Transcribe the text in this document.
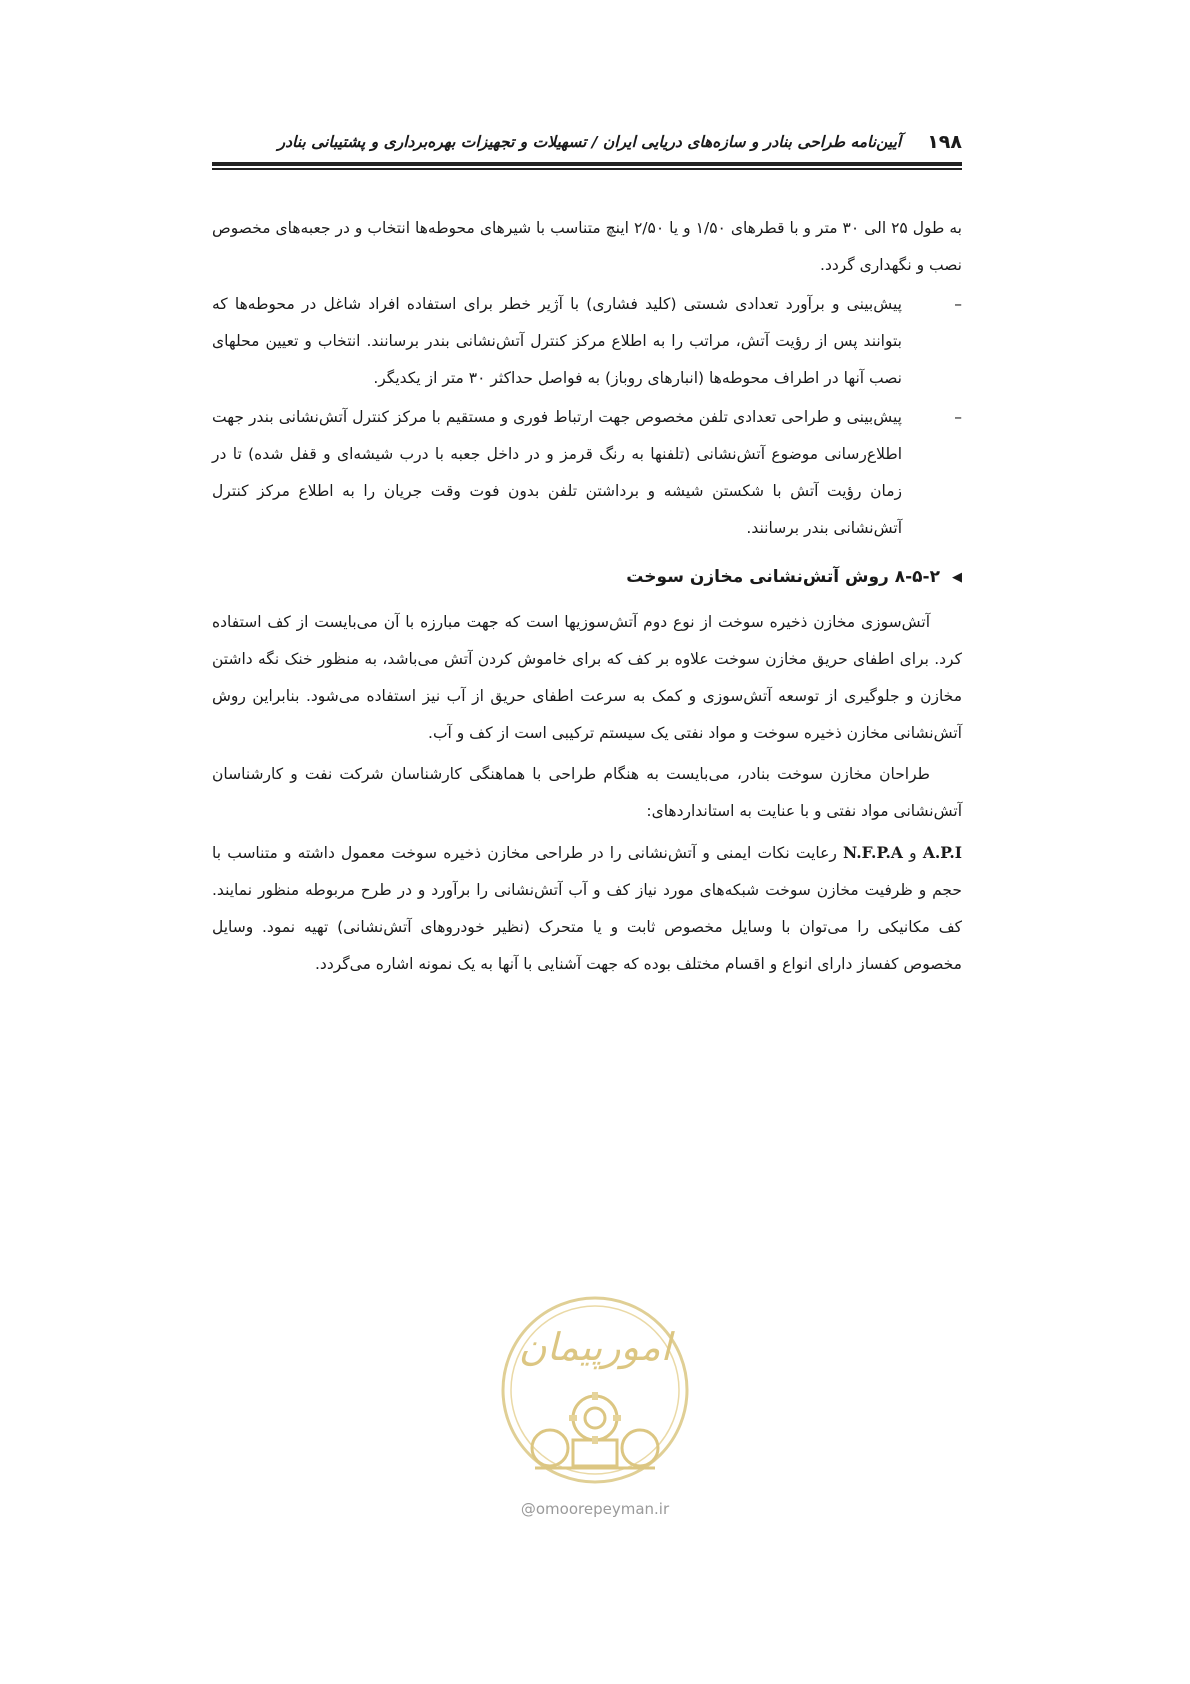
۱۹۸
آیین‌نامه طراحی بنادر و سازه‌های دریایی ایران / تسهیلات و تجهیزات بهره‌برداری و پشتیبانی بنادر

به طول ۲۵ الی ۳۰ متر و با قطرهای ۱/۵۰ و یا ۲/۵۰ اینچ متناسب با شیرهای محوطه‌ها انتخاب و در جعبه‌های مخصوص نصب و نگهداری گردد.

–
پیش‌بینی و برآورد تعدادی شستی (کلید فشاری) با آژیر خطر برای استفاده افراد شاغل در محوطه‌ها که بتوانند پس از رؤیت آتش، مراتب را به اطلاع مرکز کنترل آتش‌نشانی بندر برسانند. انتخاب و تعیین محلهای نصب آنها در اطراف محوطه‌ها (انبارهای روباز) به فواصل حداکثر ۳۰ متر از یکدیگر.
–
پیش‌بینی و طراحی تعدادی تلفن مخصوص جهت ارتباط فوری و مستقیم با مرکز کنترل آتش‌نشانی بندر جهت اطلاع‌رسانی موضوع آتش‌نشانی (تلفنها به رنگ قرمز و در داخل جعبه با درب شیشه‌ای و قفل شده) تا در زمان رؤیت آتش با شکستن شیشه و برداشتن تلفن بدون فوت وقت جریان را به اطلاع مرکز کنترل آتش‌نشانی بندر برسانند.
◀
۸-۵-۲ روش آتش‌نشانی مخازن سوخت

آتش‌سوزی مخازن ذخیره سوخت از نوع دوم آتش‌سوزیها است که جهت مبارزه با آن می‌بایست از کف استفاده کرد. برای اطفای حریق مخازن سوخت علاوه بر کف که برای خاموش کردن آتش می‌باشد، به منظور خنک نگه داشتن مخازن و جلوگیری از توسعه آتش‌سوزی و کمک به سرعت اطفای حریق از آب نیز استفاده می‌شود. بنابراین روش آتش‌نشانی مخازن ذخیره سوخت و مواد نفتی یک سیستم ترکیبی است از کف و آب.

طراحان مخازن سوخت بنادر، می‌بایست به هنگام طراحی با هماهنگی کارشناسان شرکت نفت و کارشناسان آتش‌نشانی مواد نفتی و با عنایت به استانداردهای:

A.P.I و N.F.P.A رعایت نکات ایمنی و آتش‌نشانی را در طراحی مخازن ذخیره سوخت معمول داشته و متناسب با حجم و ظرفیت مخازن سوخت شبکه‌های مورد نیاز کف و آب آتش‌نشانی را برآورد و در طرح مربوطه منظور نمایند. کف مکانیکی را می‌توان با وسایل مخصوص ثابت و یا متحرک (نظیر خودروهای آتش‌نشانی) تهیه نمود. وسایل مخصوص کفساز دارای انواع و اقسام مختلف بوده که جهت آشنایی با آنها به یک نمونه اشاره می‌گردد.

امورپیمان
@omoorepeyman.ir
